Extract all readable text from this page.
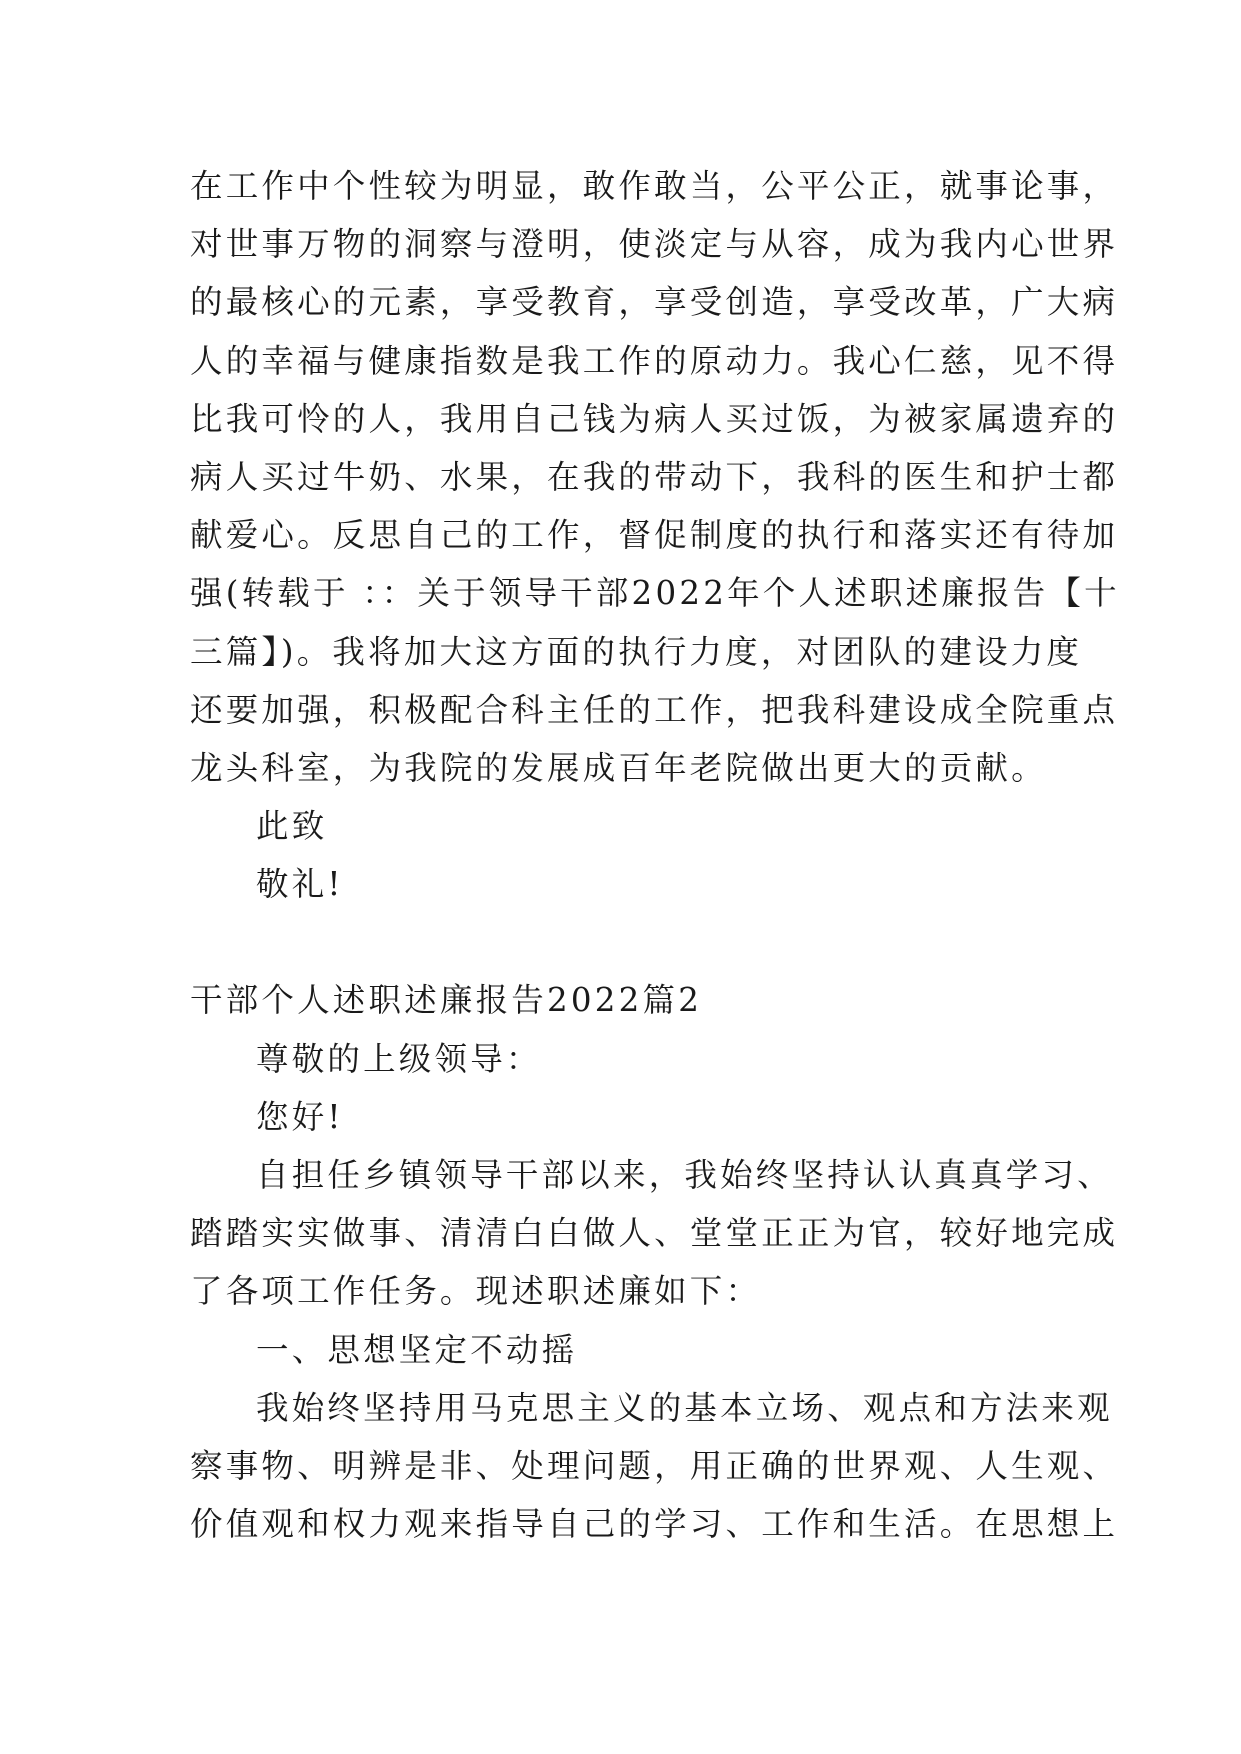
在工作中个性较为明显，敢作敢当，公平公正，就事论事，
对世事万物的洞察与澄明，使淡定与从容，成为我内心世界
的最核心的元素，享受教育，享受创造，享受改革，广大病
人的幸福与健康指数是我工作的原动力。我心仁慈，见不得
比我可怜的人，我用自己钱为病人买过饭，为被家属遗弃的
病人买过牛奶、水果，在我的带动下，我科的医生和护士都
献爱心。反思自己的工作，督促制度的执行和落实还有待加
强(转载于 ：：关于领导干部2022年个人述职述廉报告【十
三篇】)。我将加大这方面的执行力度，对团队的建设力度
还要加强，积极配合科主任的工作，把我科建设成全院重点
龙头科室，为我院的发展成百年老院做出更大的贡献。
此致
敬礼!
干部个人述职述廉报告2022篇2
尊敬的上级领导：
您好!
自担任乡镇领导干部以来，我始终坚持认认真真学习、
踏踏实实做事、清清白白做人、堂堂正正为官，较好地完成
了各项工作任务。现述职述廉如下：
一、思想坚定不动摇
我始终坚持用马克思主义的基本立场、观点和方法来观
察事物、明辨是非、处理问题，用正确的世界观、人生观、
价值观和权力观来指导自己的学习、工作和生活。在思想上
